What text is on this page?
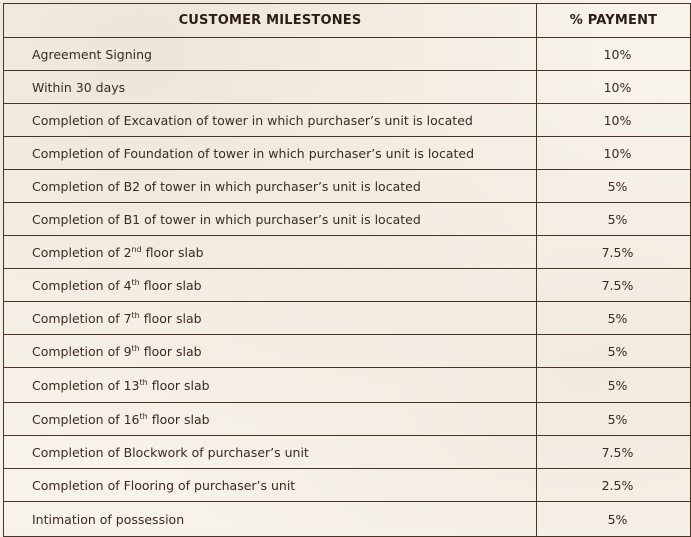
CUSTOMER MILESTONES	% PAYMENT
Agreement Signing	10%
Within 30 days	10%
Completion of Excavation of tower in which purchaser’s unit is located	10%
Completion of Foundation of tower in which purchaser’s unit is located	10%
Completion of B2 of tower in which purchaser’s unit is located	5%
Completion of B1 of tower in which purchaser’s unit is located	5%
Completion of 2nd floor slab	7.5%
Completion of 4th floor slab	7.5%
Completion of 7th floor slab	5%
Completion of 9th floor slab	5%
Completion of 13th floor slab	5%
Completion of 16th floor slab	5%
Completion of Blockwork of purchaser’s unit	7.5%
Completion of Flooring of purchaser’s unit	2.5%
Intimation of possession	5%
